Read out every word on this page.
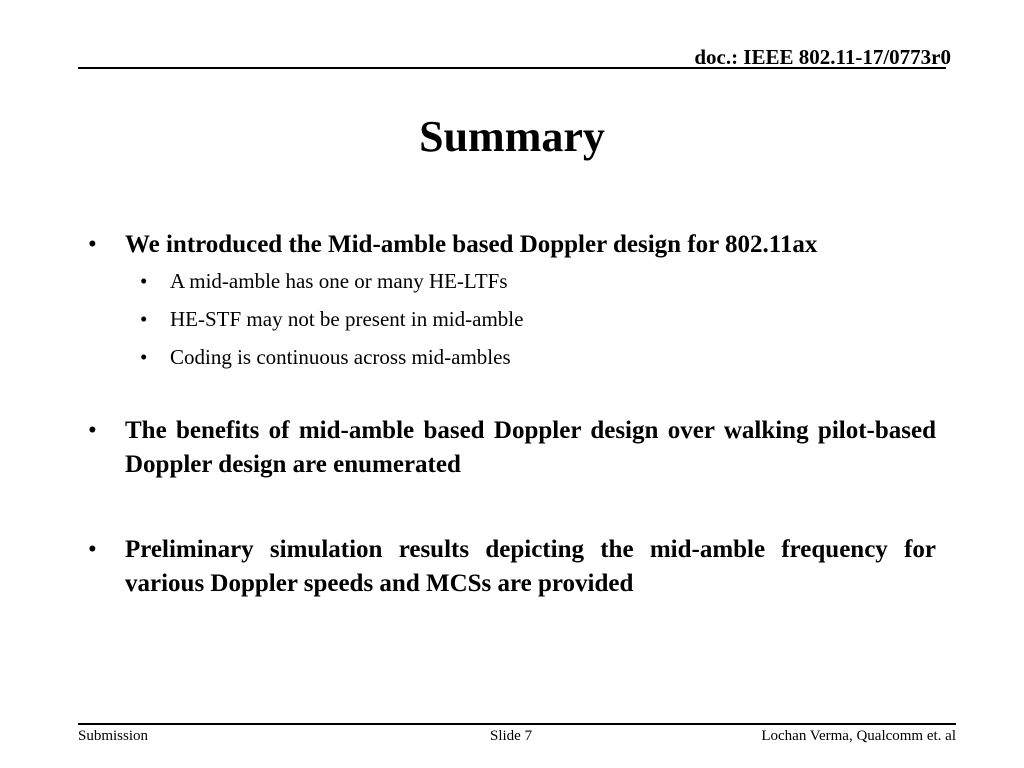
doc.: IEEE 802.11-17/0773r0
Summary
• We introduced the Mid-amble based Doppler design for 802.11ax
• A mid-amble has one or many HE-LTFs
• HE-STF may not be present in mid-amble
• Coding is continuous across mid-ambles
• The benefits of mid-amble based Doppler design over walking pilot-based Doppler design are enumerated
• Preliminary simulation results depicting the mid-amble frequency for various Doppler speeds and MCSs are provided
Submission	Slide 7	Lochan Verma, Qualcomm et. al
